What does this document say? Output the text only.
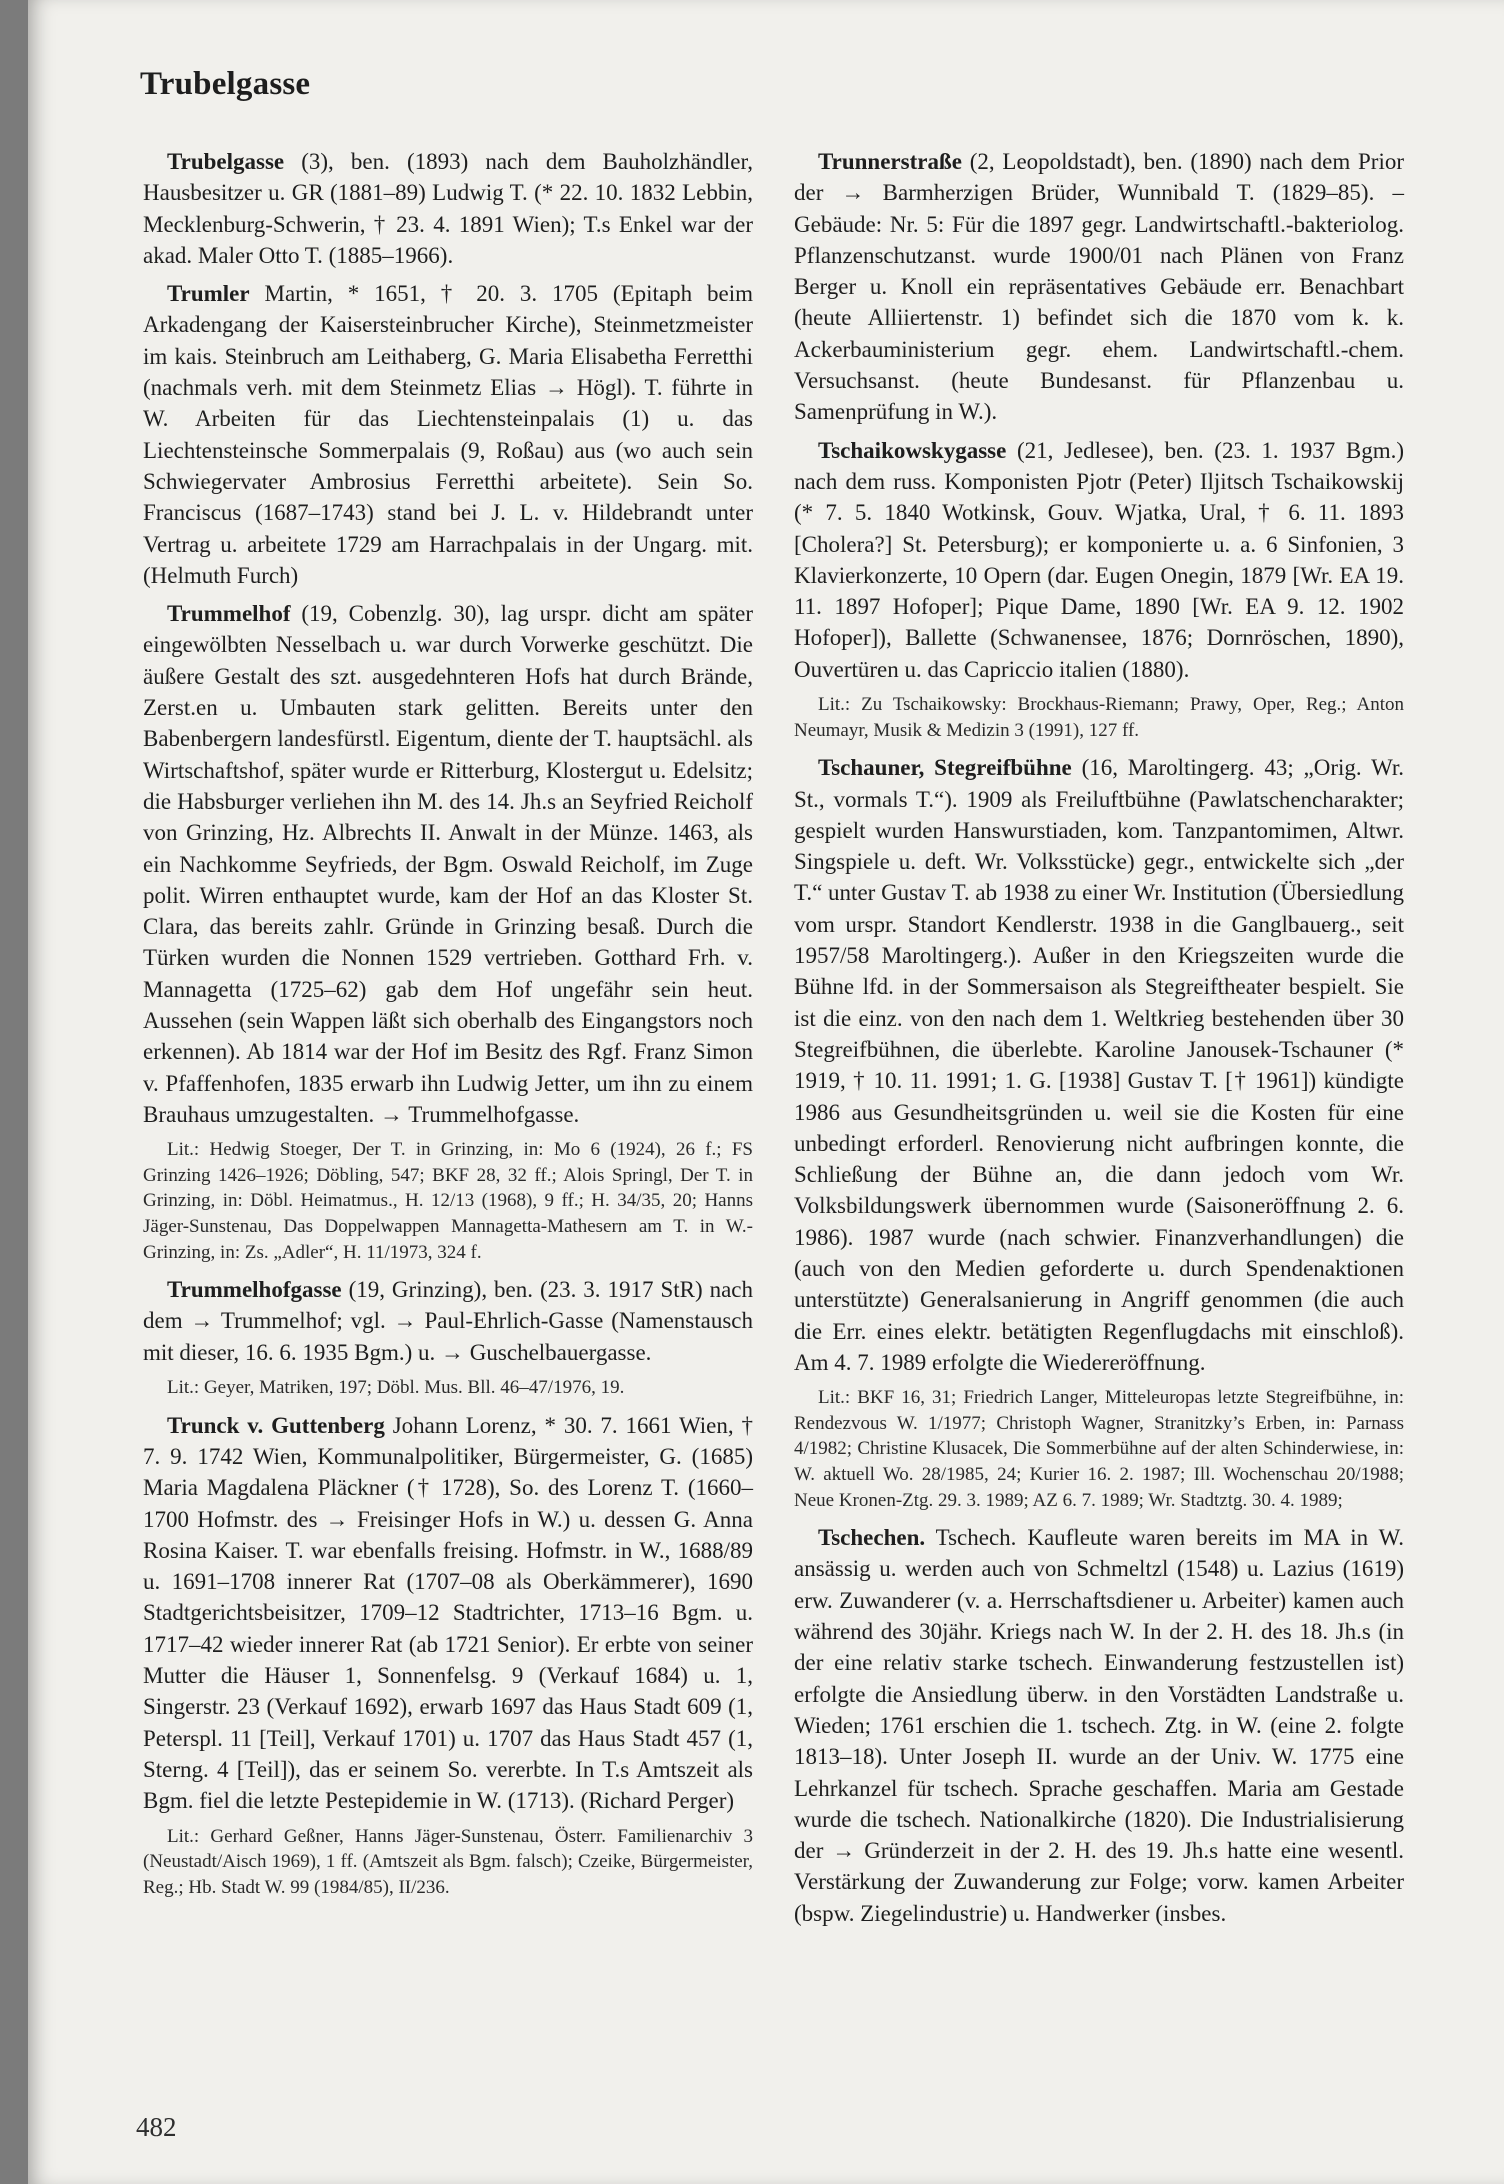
Trubelgasse

Trubelgasse (3), ben. (1893) nach dem Bauholzhändler, Hausbesitzer u. GR (1881–89) Ludwig T. (* 22. 10. 1832 Lebbin, Mecklenburg-Schwerin, † 23. 4. 1891 Wien); T.s Enkel war der akad. Maler Otto T. (1885–1966).

Trumler Martin, * 1651, † 20. 3. 1705 (Epitaph beim Arkadengang der Kaisersteinbrucher Kirche), Steinmetzmeister im kais. Steinbruch am Leithaberg, G. Maria Elisabetha Ferretthi (nachmals verh. mit dem Steinmetz Elias → Högl). T. führte in W. Arbeiten für das Liechtensteinpalais (1) u. das Liechtensteinsche Sommerpalais (9, Roßau) aus (wo auch sein Schwiegervater Ambrosius Ferretthi arbeitete). Sein So. Franciscus (1687–1743) stand bei J. L. v. Hildebrandt unter Vertrag u. arbeitete 1729 am Harrachpalais in der Ungarg. mit. (Helmuth Furch)

Trummelhof (19, Cobenzlg. 30), lag urspr. dicht am später eingewölbten Nesselbach u. war durch Vorwerke geschützt. Die äußere Gestalt des szt. ausgedehnteren Hofs hat durch Brände, Zerst.en u. Umbauten stark gelitten. Bereits unter den Babenbergern landesfürstl. Eigentum, diente der T. hauptsächl. als Wirtschaftshof, später wurde er Ritterburg, Klostergut u. Edelsitz; die Habsburger verliehen ihn M. des 14. Jh.s an Seyfried Reicholf von Grinzing, Hz. Albrechts II. Anwalt in der Münze. 1463, als ein Nachkomme Seyfrieds, der Bgm. Oswald Reicholf, im Zuge polit. Wirren enthauptet wurde, kam der Hof an das Kloster St. Clara, das bereits zahlr. Gründe in Grinzing besaß. Durch die Türken wurden die Nonnen 1529 vertrieben. Gotthard Frh. v. Mannagetta (1725–62) gab dem Hof ungefähr sein heut. Aussehen (sein Wappen läßt sich oberhalb des Eingangstors noch erkennen). Ab 1814 war der Hof im Besitz des Rgf. Franz Simon v. Pfaffenhofen, 1835 erwarb ihn Ludwig Jetter, um ihn zu einem Brauhaus umzugestalten. → Trummelhofgasse.

Lit.: Hedwig Stoeger, Der T. in Grinzing, in: Mo 6 (1924), 26 f.; FS Grinzing 1426–1926; Döbling, 547; BKF 28, 32 ff.; Alois Springl, Der T. in Grinzing, in: Döbl. Heimatmus., H. 12/13 (1968), 9 ff.; H. 34/35, 20; Hanns Jäger-Sunstenau, Das Doppelwappen Mannagetta-Mathesern am T. in W.-Grinzing, in: Zs. „Adler“, H. 11/1973, 324 f.

Trummelhofgasse (19, Grinzing), ben. (23. 3. 1917 StR) nach dem → Trummelhof; vgl. → Paul-Ehrlich-Gasse (Namenstausch mit dieser, 16. 6. 1935 Bgm.) u. → Guschelbauergasse.

Lit.: Geyer, Matriken, 197; Döbl. Mus. Bll. 46–47/1976, 19.

Trunck v. Guttenberg Johann Lorenz, * 30. 7. 1661 Wien, † 7. 9. 1742 Wien, Kommunalpolitiker, Bürgermeister, G. (1685) Maria Magdalena Pläckner († 1728), So. des Lorenz T. (1660–1700 Hofmstr. des → Freisinger Hofs in W.) u. dessen G. Anna Rosina Kaiser. T. war ebenfalls freising. Hofmstr. in W., 1688/89 u. 1691–1708 innerer Rat (1707–08 als Oberkämmerer), 1690 Stadtgerichtsbeisitzer, 1709–12 Stadtrichter, 1713–16 Bgm. u. 1717–42 wieder innerer Rat (ab 1721 Senior). Er erbte von seiner Mutter die Häuser 1, Sonnenfelsg. 9 (Verkauf 1684) u. 1, Singerstr. 23 (Verkauf 1692), erwarb 1697 das Haus Stadt 609 (1, Peterspl. 11 [Teil], Verkauf 1701) u. 1707 das Haus Stadt 457 (1, Sterng. 4 [Teil]), das er seinem So. vererbte. In T.s Amtszeit als Bgm. fiel die letzte Pestepidemie in W. (1713). (Richard Perger)

Lit.: Gerhard Geßner, Hanns Jäger-Sunstenau, Österr. Familienarchiv 3 (Neustadt/Aisch 1969), 1 ff. (Amtszeit als Bgm. falsch); Czeike, Bürgermeister, Reg.; Hb. Stadt W. 99 (1984/85), II/236.

Trunnerstraße (2, Leopoldstadt), ben. (1890) nach dem Prior der → Barmherzigen Brüder, Wunnibald T. (1829–85). – Gebäude: Nr. 5: Für die 1897 gegr. Landwirtschaftl.-bakteriolog. Pflanzenschutzanst. wurde 1900/01 nach Plänen von Franz Berger u. Knoll ein repräsentatives Gebäude err. Benachbart (heute Alliiertenstr. 1) befindet sich die 1870 vom k. k. Ackerbauministerium gegr. ehem. Landwirtschaftl.-chem. Versuchsanst. (heute Bundesanst. für Pflanzenbau u. Samenprüfung in W.).

Tschaikowskygasse (21, Jedlesee), ben. (23. 1. 1937 Bgm.) nach dem russ. Komponisten Pjotr (Peter) Iljitsch Tschaikowskij (* 7. 5. 1840 Wotkinsk, Gouv. Wjatka, Ural, † 6. 11. 1893 [Cholera?] St. Petersburg); er komponierte u. a. 6 Sinfonien, 3 Klavierkonzerte, 10 Opern (dar. Eugen Onegin, 1879 [Wr. EA 19. 11. 1897 Hofoper]; Pique Dame, 1890 [Wr. EA 9. 12. 1902 Hofoper]), Ballette (Schwanensee, 1876; Dornröschen, 1890), Ouvertüren u. das Capriccio italien (1880).

Lit.: Zu Tschaikowsky: Brockhaus-Riemann; Prawy, Oper, Reg.; Anton Neumayr, Musik & Medizin 3 (1991), 127 ff.

Tschauner, Stegreifbühne (16, Maroltingerg. 43; „Orig. Wr. St., vormals T.“). 1909 als Freiluftbühne (Pawlatschencharakter; gespielt wurden Hanswurstiaden, kom. Tanzpantomimen, Altwr. Singspiele u. deft. Wr. Volksstücke) gegr., entwickelte sich „der T.“ unter Gustav T. ab 1938 zu einer Wr. Institution (Übersiedlung vom urspr. Standort Kendlerstr. 1938 in die Ganglbauerg., seit 1957/58 Maroltingerg.). Außer in den Kriegszeiten wurde die Bühne lfd. in der Sommersaison als Stegreiftheater bespielt. Sie ist die einz. von den nach dem 1. Weltkrieg bestehenden über 30 Stegreifbühnen, die überlebte. Karoline Janousek-Tschauner (* 1919, † 10. 11. 1991; 1. G. [1938] Gustav T. [† 1961]) kündigte 1986 aus Gesundheitsgründen u. weil sie die Kosten für eine unbedingt erforderl. Renovierung nicht aufbringen konnte, die Schließung der Bühne an, die dann jedoch vom Wr. Volksbildungswerk übernommen wurde (Saisoneröffnung 2. 6. 1986). 1987 wurde (nach schwier. Finanzverhandlungen) die (auch von den Medien geforderte u. durch Spendenaktionen unterstützte) Generalsanierung in Angriff genommen (die auch die Err. eines elektr. betätigten Regenflugdachs mit einschloß). Am 4. 7. 1989 erfolgte die Wiedereröffnung.

Lit.: BKF 16, 31; Friedrich Langer, Mitteleuropas letzte Stegreifbühne, in: Rendezvous W. 1/1977; Christoph Wagner, Stranitzky’s Erben, in: Parnass 4/1982; Christine Klusacek, Die Sommerbühne auf der alten Schinderwiese, in: W. aktuell Wo. 28/1985, 24; Kurier 16. 2. 1987; Ill. Wochenschau 20/1988; Neue Kronen-Ztg. 29. 3. 1989; AZ 6. 7. 1989; Wr. Stadtztg. 30. 4. 1989;

Tschechen. Tschech. Kaufleute waren bereits im MA in W. ansässig u. werden auch von Schmeltzl (1548) u. Lazius (1619) erw. Zuwanderer (v. a. Herrschaftsdiener u. Arbeiter) kamen auch während des 30jähr. Kriegs nach W. In der 2. H. des 18. Jh.s (in der eine relativ starke tschech. Einwanderung festzustellen ist) erfolgte die Ansiedlung überw. in den Vorstädten Landstraße u. Wieden; 1761 erschien die 1. tschech. Ztg. in W. (eine 2. folgte 1813–18). Unter Joseph II. wurde an der Univ. W. 1775 eine Lehrkanzel für tschech. Sprache geschaffen. Maria am Gestade wurde die tschech. Nationalkirche (1820). Die Industrialisierung der → Gründerzeit in der 2. H. des 19. Jh.s hatte eine wesentl. Verstärkung der Zuwanderung zur Folge; vorw. kamen Arbeiter (bspw. Ziegelindustrie) u. Handwerker (insbes.

482
